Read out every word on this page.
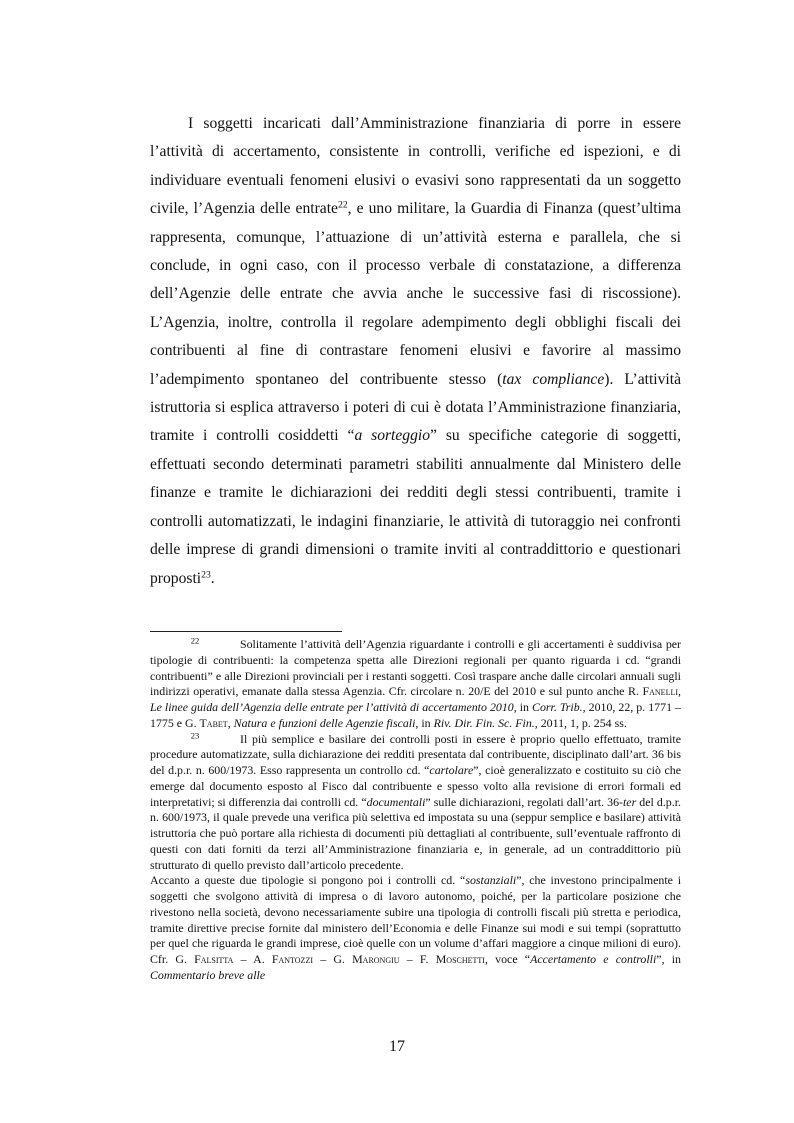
I soggetti incaricati dall’Amministrazione finanziaria di porre in essere l’attività di accertamento, consistente in controlli, verifiche ed ispezioni, e di individuare eventuali fenomeni elusivi o evasivi sono rappresentati da un soggetto civile, l’Agenzia delle entrate$^{22}$, e uno militare, la Guardia di Finanza (quest’ultima rappresenta, comunque, l’attuazione di un’attività esterna e parallela, che si conclude, in ogni caso, con il processo verbale di constatazione, a differenza dell’Agenzie delle entrate che avvia anche le successive fasi di riscossione). L’Agenzia, inoltre, controlla il regolare adempimento degli obblighi fiscali dei contribuenti al fine di contrastare fenomeni elusivi e favorire al massimo l’adempimento spontaneo del contribuente stesso (tax compliance). L’attività istruttoria si esplica attraverso i poteri di cui è dotata l’Amministrazione finanziaria, tramite i controlli cosiddetti “a sorteggio” su specifiche categorie di soggetti, effettuati secondo determinati parametri stabiliti annualmente dal Ministero delle finanze e tramite le dichiarazioni dei redditi degli stessi contribuenti, tramite i controlli automatizzati, le indagini finanziarie, le attività di tutoraggio nei confronti delle imprese di grandi dimensioni o tramite inviti al contraddittorio e questionari proposti$^{23}$.

$^{22}$	Solitamente l’attività dell’Agenzia riguardante i controlli e gli accertamenti è suddivisa per tipologie di contribuenti: la competenza spetta alle Direzioni regionali per quanto riguarda i cd. “grandi contribuenti” e alle Direzioni provinciali per i restanti soggetti. Così traspare anche dalle circolari annuali sugli indirizzi operativi, emanate dalla stessa Agenzia. Cfr. circolare n. 20/E del 2010 e sul punto anche R. Fanelli, Le linee guida dell’Agenzia delle entrate per l’attività di accertamento 2010, in Corr. Trib., 2010, 22, p. 1771 – 1775 e G. Tabet, Natura e funzioni delle Agenzie fiscali, in Riv. Dir. Fin. Sc. Fin., 2011, 1, p. 254 ss.

$^{23}$	Il più semplice e basilare dei controlli posti in essere è proprio quello effettuato, tramite procedure automatizzate, sulla dichiarazione dei redditi presentata dal contribuente, disciplinato dall’art. 36 bis del d.p.r. n. 600/1973. Esso rappresenta un controllo cd. “cartolare”, cioè generalizzato e costituito su ciò che emerge dal documento esposto al Fisco dal contribuente e spesso volto alla revisione di errori formali ed interpretativi; si differenzia dai controlli cd. “documentali” sulle dichiarazioni, regolati dall’art. 36-ter del d.p.r. n. 600/1973, il quale prevede una verifica più selettiva ed impostata su una (seppur semplice e basilare) attività istruttoria che può portare alla richiesta di documenti più dettagliati al contribuente, sull’eventuale raffronto di questi con dati forniti da terzi all’Amministrazione finanziaria e, in generale, ad un contraddittorio più strutturato di quello previsto dall’articolo precedente.

Accanto a queste due tipologie si pongono poi i controlli cd. “sostanziali”, che investono principalmente i soggetti che svolgono attività di impresa o di lavoro autonomo, poiché, per la particolare posizione che rivestono nella società, devono necessariamente subire una tipologia di controlli fiscali più stretta e periodica, tramite direttive precise fornite dal ministero dell’Economia e delle Finanze sui modi e sui tempi (soprattutto per quel che riguarda le grandi imprese, cioè quelle con un volume d’affari maggiore a cinque milioni di euro). Cfr. G. Falsitta – A. Fantozzi – G. Marongiu – F. Moschetti, voce “Accertamento e controlli”, in Commentario breve alle

17
